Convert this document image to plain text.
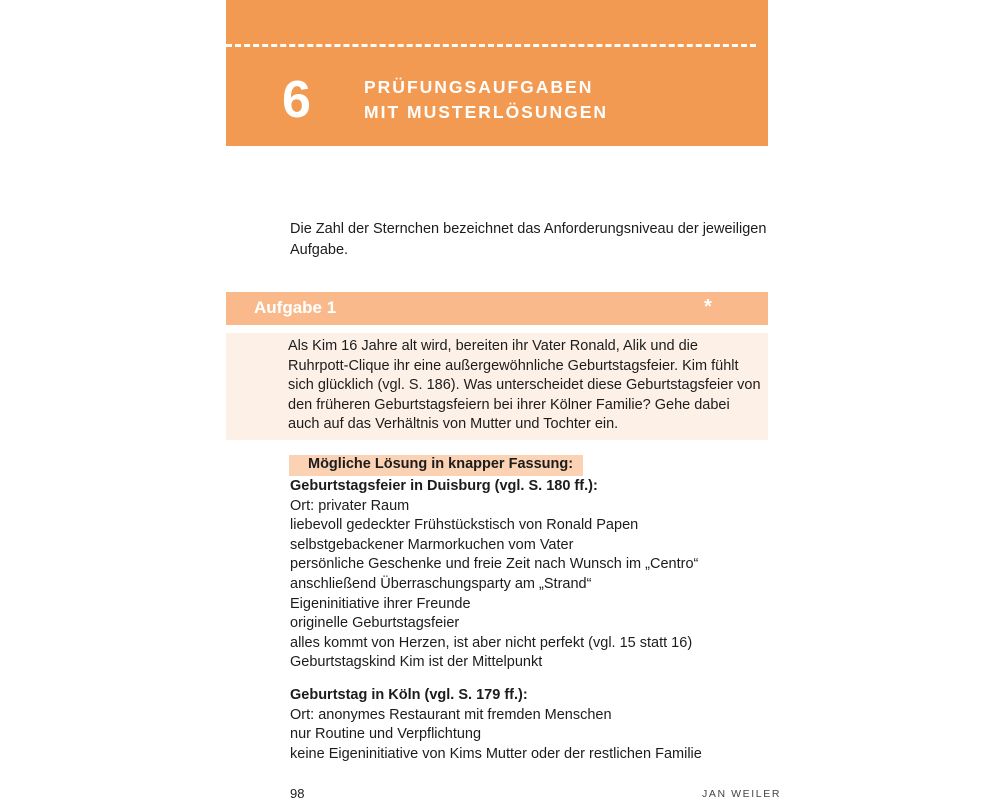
6	PRÜFUNGSAUFGABEN
MIT MUSTERLÖSUNGEN

Die Zahl der Sternchen bezeichnet das Anforderungsniveau der jeweiligen Aufgabe.

Aufgabe 1	*

Als Kim 16 Jahre alt wird, bereiten ihr Vater Ronald, Alik und die Ruhrpott-Clique ihr eine außergewöhnliche Geburtstagsfeier. Kim fühlt sich glücklich (vgl. S. 186). Was unterscheidet diese Geburtstagsfeier von den früheren Geburtstagsfeiern bei ihrer Kölner Familie? Gehe dabei auch auf das Verhältnis von Mutter und Tochter ein.

Mögliche Lösung in knapper Fassung:
Geburtstagsfeier in Duisburg (vgl. S. 180 ff.):
Ort: privater Raum
liebevoll gedeckter Frühstückstisch von Ronald Papen
selbstgebackener Marmorkuchen vom Vater
persönliche Geschenke und freie Zeit nach Wunsch im „Centro“
anschließend Überraschungsparty am „Strand“
Eigeninitiative ihrer Freunde
originelle Geburtstagsfeier
alles kommt von Herzen, ist aber nicht perfekt (vgl. 15 statt 16)
Geburtstagskind Kim ist der Mittelpunkt
Geburtstag in Köln (vgl. S. 179 ff.):
Ort: anonymes Restaurant mit fremden Menschen
nur Routine und Verpflichtung
keine Eigeninitiative von Kims Mutter oder der restlichen Familie
98	JAN WEILER
